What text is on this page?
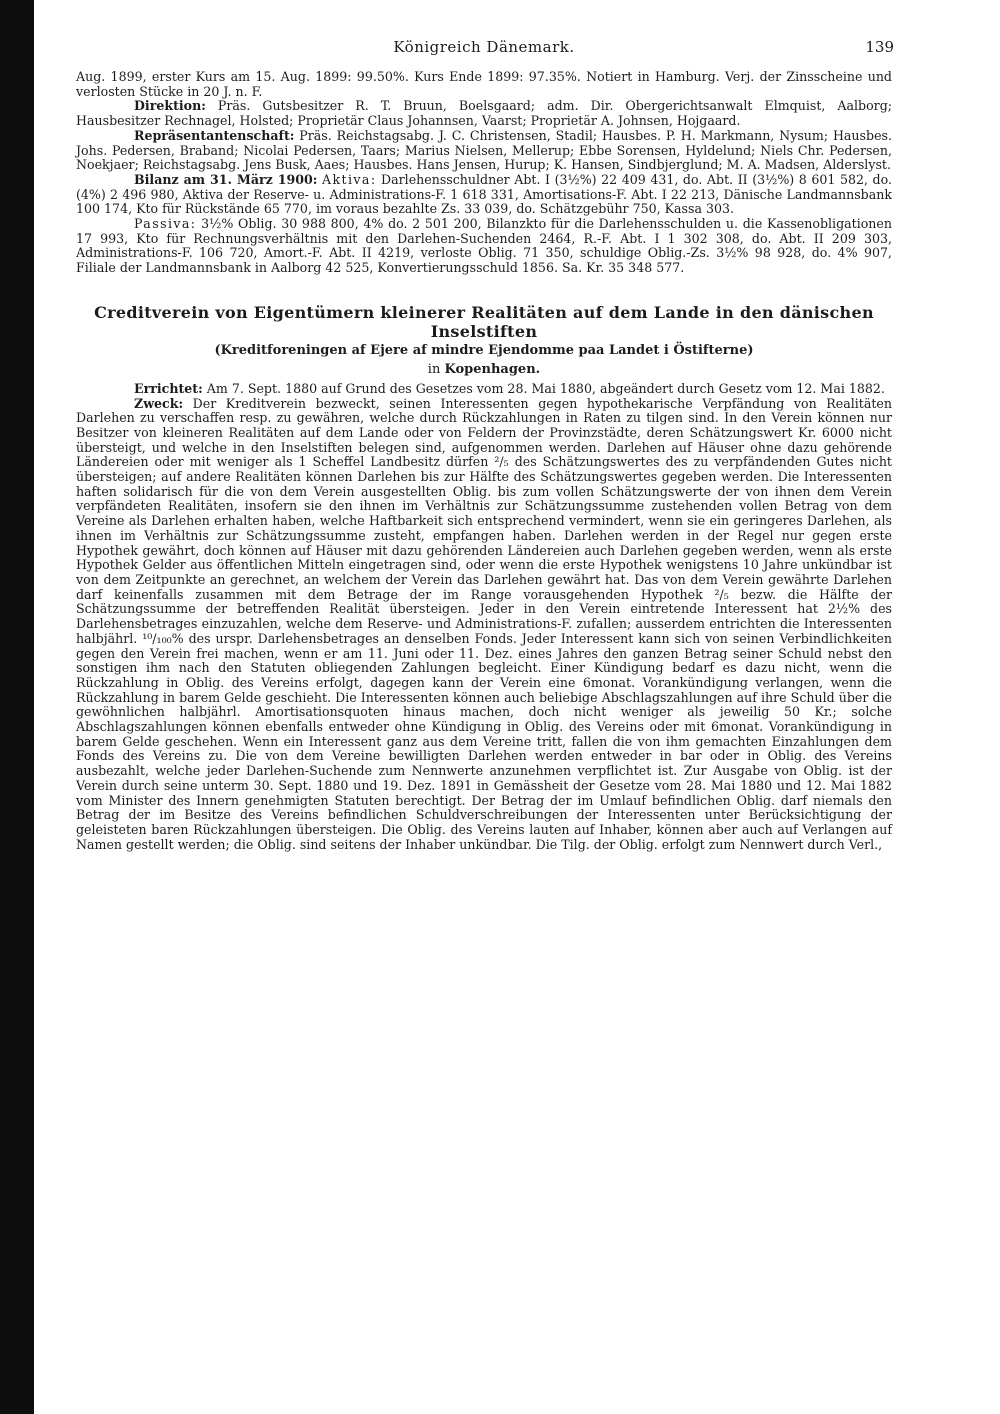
Königreich Dänemark.	139

Aug. 1899, erster Kurs am 15. Aug. 1899: 99.50%. Kurs Ende 1899: 97.35%. Notiert in Hamburg. Verj. der Zinsscheine und verlosten Stücke in 20 J. n. F.

Direktion: Präs. Gutsbesitzer R. T. Bruun, Boelsgaard; adm. Dir. Obergerichtsanwalt Elmquist, Aalborg; Hausbesitzer Rechnagel, Holsted; Proprietär Claus Johannsen, Vaarst; Proprietär A. Johnsen, Hojgaard.

Repräsentantenschaft: Präs. Reichstagsabg. J. C. Christensen, Stadil; Hausbes. P. H. Markmann, Nysum; Hausbes. Johs. Pedersen, Braband; Nicolai Pedersen, Taars; Marius Nielsen, Mellerup; Ebbe Sorensen, Hyldelund; Niels Chr. Pedersen, Noekjaer; Reichstagsabg. Jens Busk, Aaes; Hausbes. Hans Jensen, Hurup; K. Hansen, Sindbjerglund; M. A. Madsen, Alderslyst.

Bilanz am 31. März 1900: Aktiva: Darlehensschuldner Abt. I (3½%) 22 409 431, do. Abt. II (3½%) 8 601 582, do. (4%) 2 496 980, Aktiva der Reserve- u. Administrations-F. 1 618 331, Amortisations-F. Abt. I 22 213, Dänische Landmannsbank 100 174, Kto für Rückstände 65 770, im voraus bezahlte Zs. 33 039, do. Schätzgebühr 750, Kassa 303.

Passiva: 3½% Oblig. 30 988 800, 4% do. 2 501 200, Bilanzkto für die Darlehensschulden u. die Kassenobligationen 17 993, Kto für Rechnungsverhältnis mit den Darlehen-Suchenden 2464, R.-F. Abt. I 1 302 308, do. Abt. II 209 303, Administrations-F. 106 720, Amort.-F. Abt. II 4219, verloste Oblig. 71 350, schuldige Oblig.-Zs. 3½% 98 928, do. 4% 907, Filiale der Landmannsbank in Aalborg 42 525, Konvertierungsschuld 1856. Sa. Kr. 35 348 577.

Creditverein von Eigentümern kleinerer Realitäten auf dem Lande in den dänischen Inselstiften
(Kreditforeningen af Ejere af mindre Ejendomme paa Landet i Östifterne)
in Kopenhagen.

Errichtet: Am 7. Sept. 1880 auf Grund des Gesetzes vom 28. Mai 1880, abgeändert durch Gesetz vom 12. Mai 1882.

Zweck: Der Kreditverein bezweckt, seinen Interessenten gegen hypothekarische Verpfändung von Realitäten Darlehen zu verschaffen resp. zu gewähren, welche durch Rückzahlungen in Raten zu tilgen sind. In den Verein können nur Besitzer von kleineren Realitäten auf dem Lande oder von Feldern der Provinzstädte, deren Schätzungswert Kr. 6000 nicht übersteigt, und welche in den Inselstiften belegen sind, aufgenommen werden. Darlehen auf Häuser ohne dazu gehörende Ländereien oder mit weniger als 1 Scheffel Landbesitz dürfen ²/₅ des Schätzungswertes des zu verpfändenden Gutes nicht übersteigen; auf andere Realitäten können Darlehen bis zur Hälfte des Schätzungswertes gegeben werden. Die Interessenten haften solidarisch für die von dem Verein ausgestellten Oblig. bis zum vollen Schätzungswerte der von ihnen dem Verein verpfändeten Realitäten, insofern sie den ihnen im Verhältnis zur Schätzungssumme zustehenden vollen Betrag von dem Vereine als Darlehen erhalten haben, welche Haftbarkeit sich entsprechend vermindert, wenn sie ein geringeres Darlehen, als ihnen im Verhältnis zur Schätzungssumme zusteht, empfangen haben. Darlehen werden in der Regel nur gegen erste Hypothek gewährt, doch können auf Häuser mit dazu gehörenden Ländereien auch Darlehen gegeben werden, wenn als erste Hypothek Gelder aus öffentlichen Mitteln eingetragen sind, oder wenn die erste Hypothek wenigstens 10 Jahre unkündbar ist von dem Zeitpunkte an gerechnet, an welchem der Verein das Darlehen gewährt hat. Das von dem Verein gewährte Darlehen darf keinenfalls zusammen mit dem Betrage der im Range vorausgehenden Hypothek ²/₅ bezw. die Hälfte der Schätzungssumme der betreffenden Realität übersteigen. Jeder in den Verein eintretende Interessent hat 2½% des Darlehensbetrages einzuzahlen, welche dem Reserve- und Administrations-F. zufallen; ausserdem entrichten die Interessenten halbjährl. ¹⁰/₁₀₀% des urspr. Darlehensbetrages an denselben Fonds. Jeder Interessent kann sich von seinen Verbindlichkeiten gegen den Verein frei machen, wenn er am 11. Juni oder 11. Dez. eines Jahres den ganzen Betrag seiner Schuld nebst den sonstigen ihm nach den Statuten obliegenden Zahlungen begleicht. Einer Kündigung bedarf es dazu nicht, wenn die Rückzahlung in Oblig. des Vereins erfolgt, dagegen kann der Verein eine 6monat. Vorankündigung verlangen, wenn die Rückzahlung in barem Gelde geschieht. Die Interessenten können auch beliebige Abschlagszahlungen auf ihre Schuld über die gewöhnlichen halbjährl. Amortisationsquoten hinaus machen, doch nicht weniger als jeweilig 50 Kr.; solche Abschlagszahlungen können ebenfalls entweder ohne Kündigung in Oblig. des Vereins oder mit 6monat. Vorankündigung in barem Gelde geschehen. Wenn ein Interessent ganz aus dem Vereine tritt, fallen die von ihm gemachten Einzahlungen dem Fonds des Vereins zu. Die von dem Vereine bewilligten Darlehen werden entweder in bar oder in Oblig. des Vereins ausbezahlt, welche jeder Darlehen-Suchende zum Nennwerte anzunehmen verpflichtet ist. Zur Ausgabe von Oblig. ist der Verein durch seine unterm 30. Sept. 1880 und 19. Dez. 1891 in Gemässheit der Gesetze vom 28. Mai 1880 und 12. Mai 1882 vom Minister des Innern genehmigten Statuten berechtigt. Der Betrag der im Umlauf befindlichen Oblig. darf niemals den Betrag der im Besitze des Vereins befindlichen Schuldverschreibungen der Interessenten unter Berücksichtigung der geleisteten baren Rückzahlungen übersteigen. Die Oblig. des Vereins lauten auf Inhaber, können aber auch auf Verlangen auf Namen gestellt werden; die Oblig. sind seitens der Inhaber unkündbar. Die Tilg. der Oblig. erfolgt zum Nennwert durch Verl.,
